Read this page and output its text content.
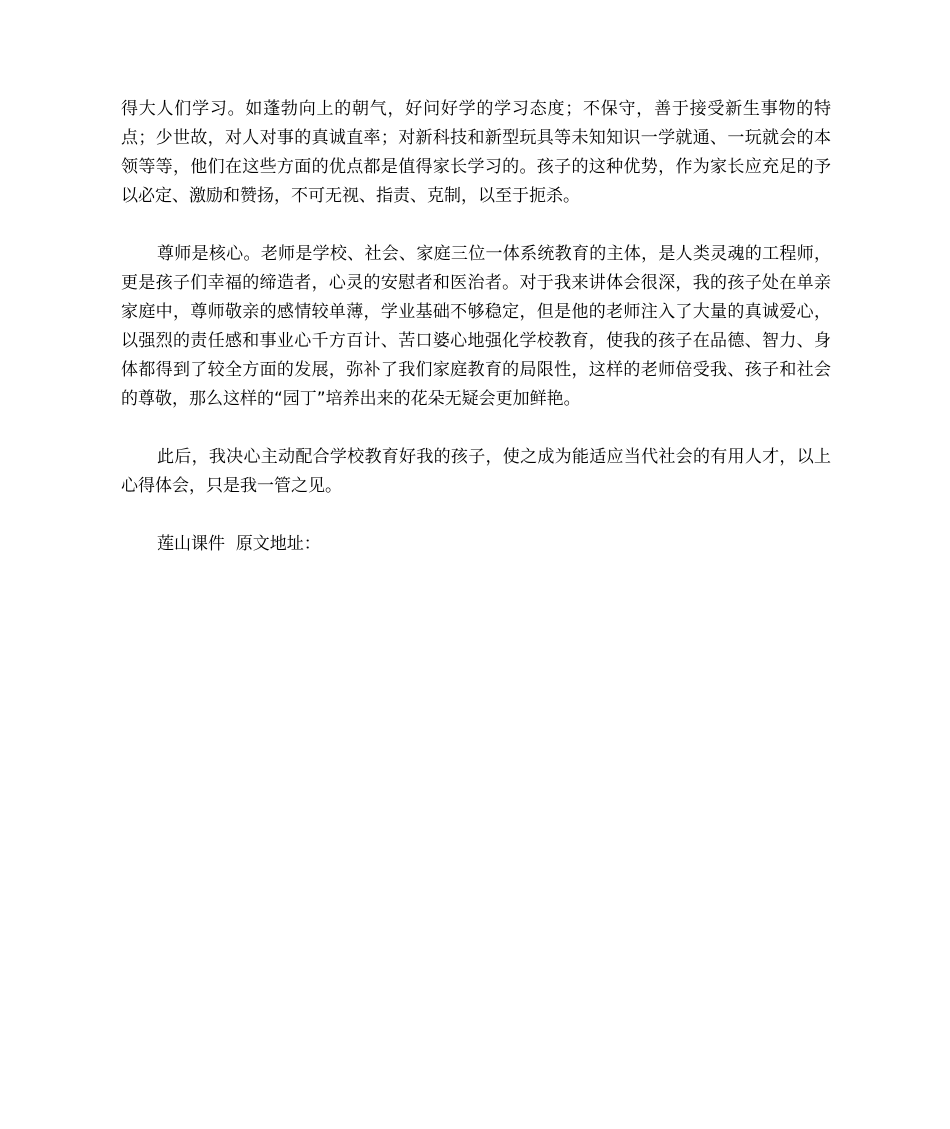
得大人们学习。如蓬勃向上的朝气，好问好学的学习态度；不保守，善于接受新生事物的特点；少世故，对人对事的真诚直率；对新科技和新型玩具等未知知识一学就通、一玩就会的本领等等，他们在这些方面的优点都是值得家长学习的。孩子的这种优势，作为家长应充足的予以必定、激励和赞扬，不可无视、指责、克制，以至于扼杀。

尊师是核心。老师是学校、社会、家庭三位一体系统教育的主体，是人类灵魂的工程师，更是孩子们幸福的缔造者，心灵的安慰者和医治者。对于我来讲体会很深，我的孩子处在单亲家庭中，尊师敬亲的感情较单薄，学业基础不够稳定，但是他的老师注入了大量的真诚爱心，以强烈的责任感和事业心千方百计、苦口婆心地强化学校教育，使我的孩子在品德、智力、身体都得到了较全方面的发展，弥补了我们家庭教育的局限性，这样的老师倍受我、孩子和社会的尊敬，那么这样的“园丁”培养出来的花朵无疑会更加鲜艳。

此后，我决心主动配合学校教育好我的孩子，使之成为能适应当代社会的有用人才，以上心得体会，只是我一管之见。

莲山课件 原文地址：
